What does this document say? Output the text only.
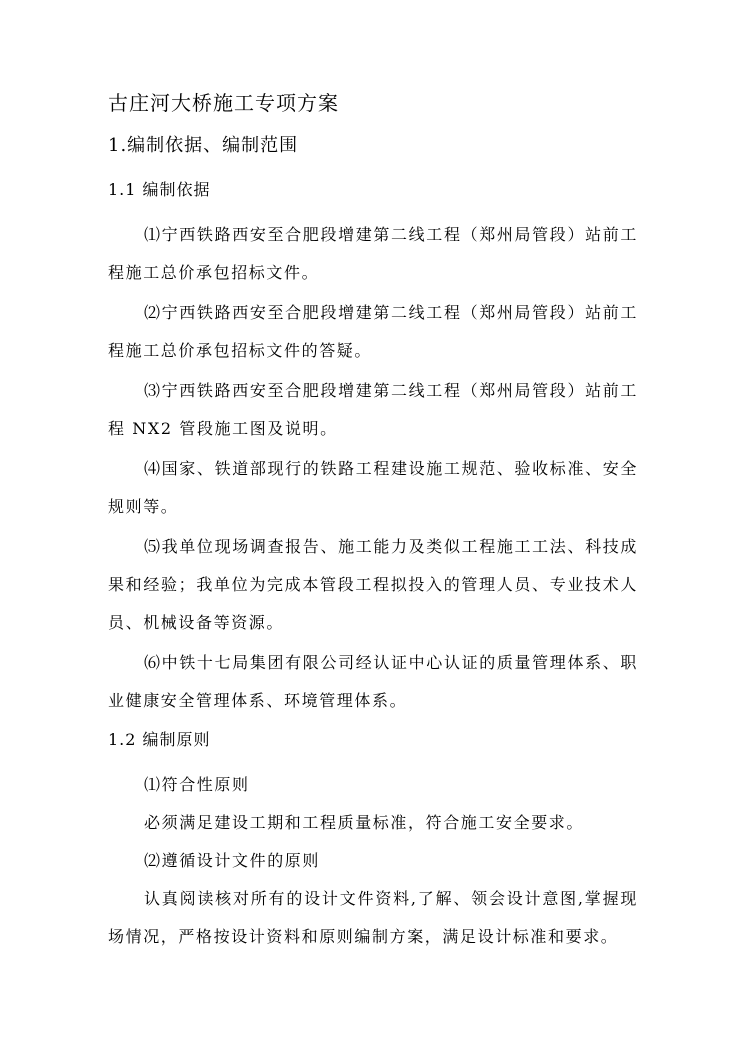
古庄河大桥施工专项方案
1.编制依据、编制范围
1.1 编制依据

⑴宁西铁路西安至合肥段增建第二线工程（郑州局管段）站前工程施工总价承包招标文件。

⑵宁西铁路西安至合肥段增建第二线工程（郑州局管段）站前工程施工总价承包招标文件的答疑。

⑶宁西铁路西安至合肥段增建第二线工程（郑州局管段）站前工程 NX2 管段施工图及说明。

⑷国家、铁道部现行的铁路工程建设施工规范、验收标准、安全规则等。

⑸我单位现场调查报告、施工能力及类似工程施工工法、科技成果和经验；我单位为完成本管段工程拟投入的管理人员、专业技术人员、机械设备等资源。

⑹中铁十七局集团有限公司经认证中心认证的质量管理体系、职业健康安全管理体系、环境管理体系。

1.2 编制原则

⑴符合性原则

必须满足建设工期和工程质量标准，符合施工安全要求。

⑵遵循设计文件的原则

认真阅读核对所有的设计文件资料,了解、领会设计意图,掌握现场情况，严格按设计资料和原则编制方案，满足设计标准和要求。
